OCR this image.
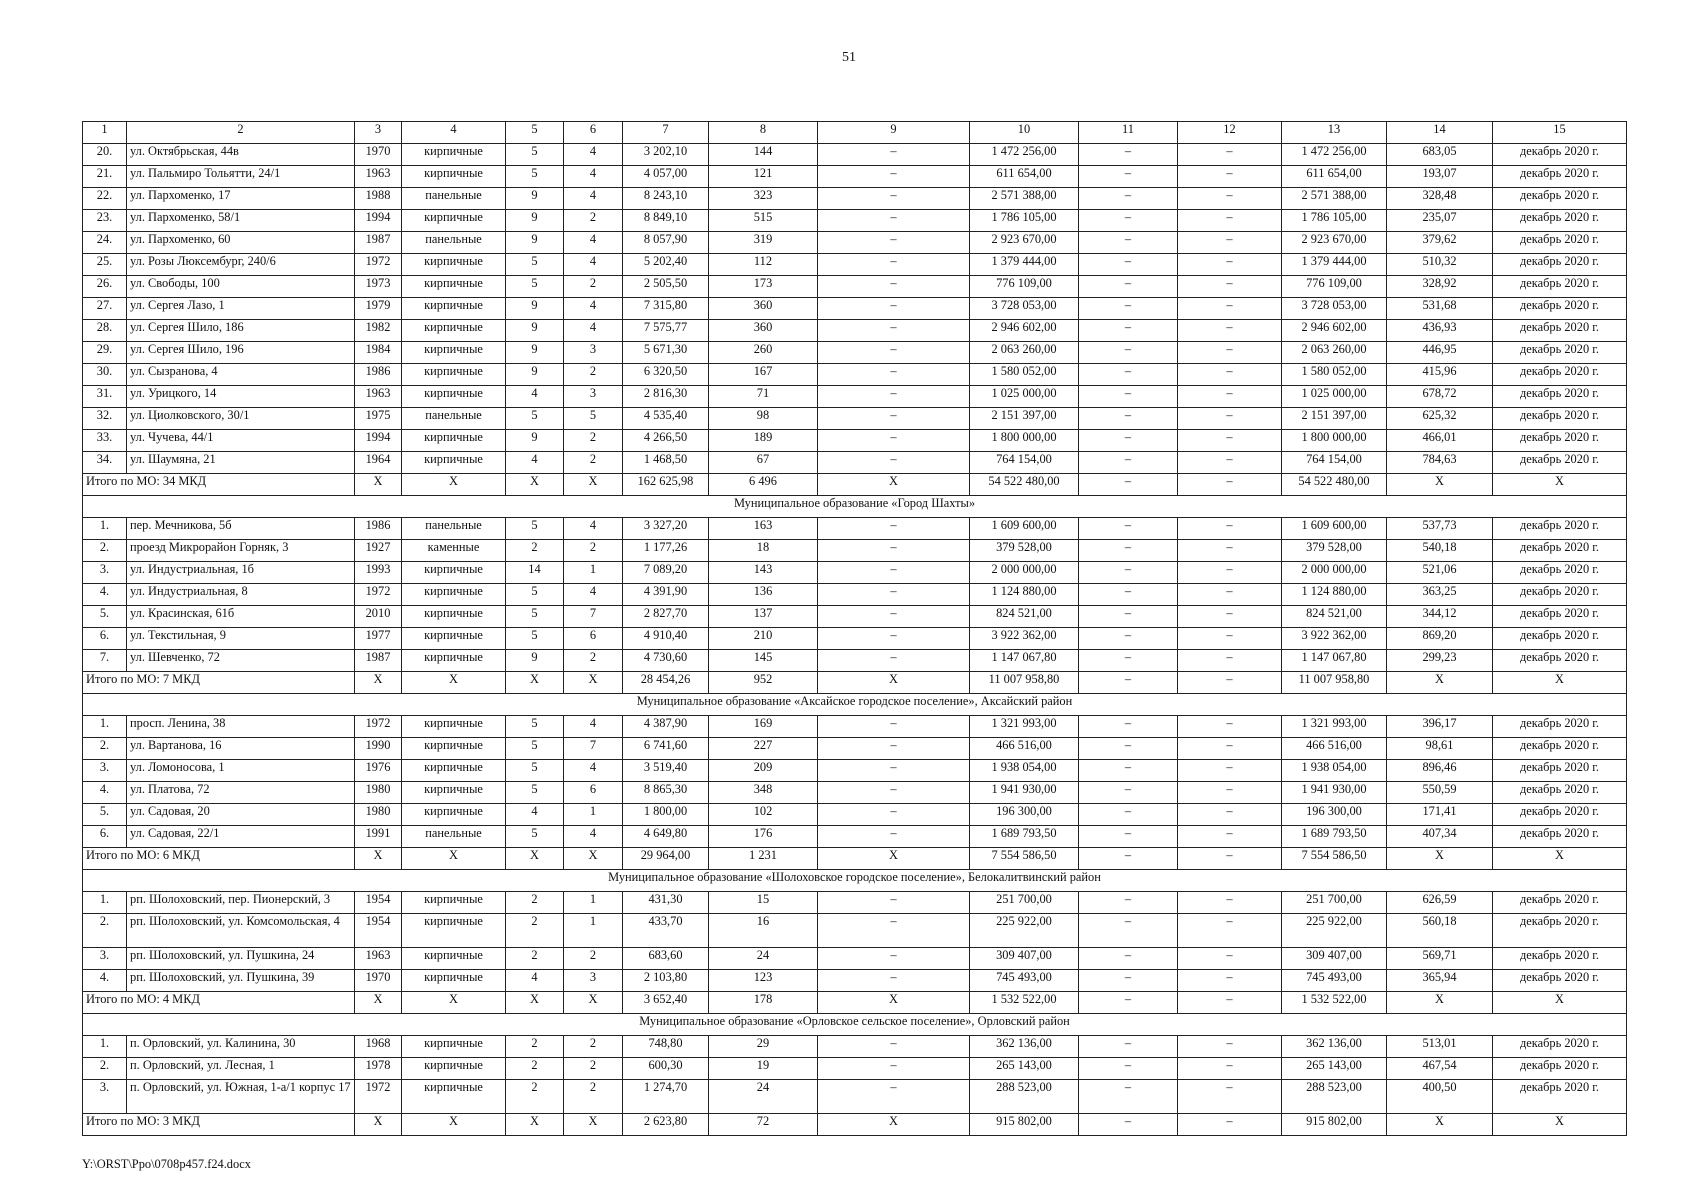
51
1	2	3	4	5	6	7	8	9	10	11	12	13	14	15
20.	ул. Октябрьская, 44в	1970	кирпичные	5	4	3 202,10	144	–	1 472 256,00	–	–	1 472 256,00	683,05	декабрь 2020 г.
21.	ул. Пальмиро Тольятти, 24/1	1963	кирпичные	5	4	4 057,00	121	–	611 654,00	–	–	611 654,00	193,07	декабрь 2020 г.
22.	ул. Пархоменко, 17	1988	панельные	9	4	8 243,10	323	–	2 571 388,00	–	–	2 571 388,00	328,48	декабрь 2020 г.
23.	ул. Пархоменко, 58/1	1994	кирпичные	9	2	8 849,10	515	–	1 786 105,00	–	–	1 786 105,00	235,07	декабрь 2020 г.
24.	ул. Пархоменко, 60	1987	панельные	9	4	8 057,90	319	–	2 923 670,00	–	–	2 923 670,00	379,62	декабрь 2020 г.
25.	ул. Розы Люксембург, 240/6	1972	кирпичные	5	4	5 202,40	112	–	1 379 444,00	–	–	1 379 444,00	510,32	декабрь 2020 г.
26.	ул. Свободы, 100	1973	кирпичные	5	2	2 505,50	173	–	776 109,00	–	–	776 109,00	328,92	декабрь 2020 г.
27.	ул. Сергея Лазо, 1	1979	кирпичные	9	4	7 315,80	360	–	3 728 053,00	–	–	3 728 053,00	531,68	декабрь 2020 г.
28.	ул. Сергея Шило, 186	1982	кирпичные	9	4	7 575,77	360	–	2 946 602,00	–	–	2 946 602,00	436,93	декабрь 2020 г.
29.	ул. Сергея Шило, 196	1984	кирпичные	9	3	5 671,30	260	–	2 063 260,00	–	–	2 063 260,00	446,95	декабрь 2020 г.
30.	ул. Сызранова, 4	1986	кирпичные	9	2	6 320,50	167	–	1 580 052,00	–	–	1 580 052,00	415,96	декабрь 2020 г.
31.	ул. Урицкого, 14	1963	кирпичные	4	3	2 816,30	71	–	1 025 000,00	–	–	1 025 000,00	678,72	декабрь 2020 г.
32.	ул. Циолковского, 30/1	1975	панельные	5	5	4 535,40	98	–	2 151 397,00	–	–	2 151 397,00	625,32	декабрь 2020 г.
33.	ул. Чучева, 44/1	1994	кирпичные	9	2	4 266,50	189	–	1 800 000,00	–	–	1 800 000,00	466,01	декабрь 2020 г.
34.	ул. Шаумяна, 21	1964	кирпичные	4	2	1 468,50	67	–	764 154,00	–	–	764 154,00	784,63	декабрь 2020 г.
Итого по МО: 34 МКД		X	X	X	X	162 625,98	6 496	X	54 522 480,00	–	–	54 522 480,00	X	X
Муниципальное образование «Город Шахты»														
1.	пер. Мечникова, 5б	1986	панельные	5	4	3 327,20	163	–	1 609 600,00	–	–	1 609 600,00	537,73	декабрь 2020 г.
2.	проезд Микрорайон Горняк, 3	1927	каменные	2	2	1 177,26	18	–	379 528,00	–	–	379 528,00	540,18	декабрь 2020 г.
3.	ул. Индустриальная, 1б	1993	кирпичные	14	1	7 089,20	143	–	2 000 000,00	–	–	2 000 000,00	521,06	декабрь 2020 г.
4.	ул. Индустриальная, 8	1972	кирпичные	5	4	4 391,90	136	–	1 124 880,00	–	–	1 124 880,00	363,25	декабрь 2020 г.
5.	ул. Красинская, 61б	2010	кирпичные	5	7	2 827,70	137	–	824 521,00	–	–	824 521,00	344,12	декабрь 2020 г.
6.	ул. Текстильная, 9	1977	кирпичные	5	6	4 910,40	210	–	3 922 362,00	–	–	3 922 362,00	869,20	декабрь 2020 г.
7.	ул. Шевченко, 72	1987	кирпичные	9	2	4 730,60	145	–	1 147 067,80	–	–	1 147 067,80	299,23	декабрь 2020 г.
Итого по МО: 7 МКД		X	X	X	X	28 454,26	952	X	11 007 958,80	–	–	11 007 958,80	X	X
Муниципальное образование «Аксайское городское поселение», Аксайский район														
1.	просп. Ленина, 38	1972	кирпичные	5	4	4 387,90	169	–	1 321 993,00	–	–	1 321 993,00	396,17	декабрь 2020 г.
2.	ул. Вартанова, 16	1990	кирпичные	5	7	6 741,60	227	–	466 516,00	–	–	466 516,00	98,61	декабрь 2020 г.
3.	ул. Ломоносова, 1	1976	кирпичные	5	4	3 519,40	209	–	1 938 054,00	–	–	1 938 054,00	896,46	декабрь 2020 г.
4.	ул. Платова, 72	1980	кирпичные	5	6	8 865,30	348	–	1 941 930,00	–	–	1 941 930,00	550,59	декабрь 2020 г.
5.	ул. Садовая, 20	1980	кирпичные	4	1	1 800,00	102	–	196 300,00	–	–	196 300,00	171,41	декабрь 2020 г.
6.	ул. Садовая, 22/1	1991	панельные	5	4	4 649,80	176	–	1 689 793,50	–	–	1 689 793,50	407,34	декабрь 2020 г.
Итого по МО: 6 МКД		X	X	X	X	29 964,00	1 231	X	7 554 586,50	–	–	7 554 586,50	X	X
Муниципальное образование «Шолоховское городское поселение», Белокалитвинский район														
1.	рп. Шолоховский, пер. Пионерский, 3	1954	кирпичные	2	1	431,30	15	–	251 700,00	–	–	251 700,00	626,59	декабрь 2020 г.
2.	рп. Шолоховский, ул. Комсомольская, 4	1954	кирпичные	2	1	433,70	16	–	225 922,00	–	–	225 922,00	560,18	декабрь 2020 г.
3.	рп. Шолоховский, ул. Пушкина, 24	1963	кирпичные	2	2	683,60	24	–	309 407,00	–	–	309 407,00	569,71	декабрь 2020 г.
4.	рп. Шолоховский, ул. Пушкина, 39	1970	кирпичные	4	3	2 103,80	123	–	745 493,00	–	–	745 493,00	365,94	декабрь 2020 г.
Итого по МО: 4 МКД		X	X	X	X	3 652,40	178	X	1 532 522,00	–	–	1 532 522,00	X	X
Муниципальное образование «Орловское сельское поселение», Орловский район														
1.	п. Орловский, ул. Калинина, 30	1968	кирпичные	2	2	748,80	29	–	362 136,00	–	–	362 136,00	513,01	декабрь 2020 г.
2.	п. Орловский, ул. Лесная, 1	1978	кирпичные	2	2	600,30	19	–	265 143,00	–	–	265 143,00	467,54	декабрь 2020 г.
3.	п. Орловский, ул. Южная, 1-а/1 корпус 17	1972	кирпичные	2	2	1 274,70	24	–	288 523,00	–	–	288 523,00	400,50	декабрь 2020 г.
Итого по МО: 3 МКД		X	X	X	X	2 623,80	72	X	915 802,00	–	–	915 802,00	X	X
Y:\ORST\Ppo\0708p457.f24.docx
